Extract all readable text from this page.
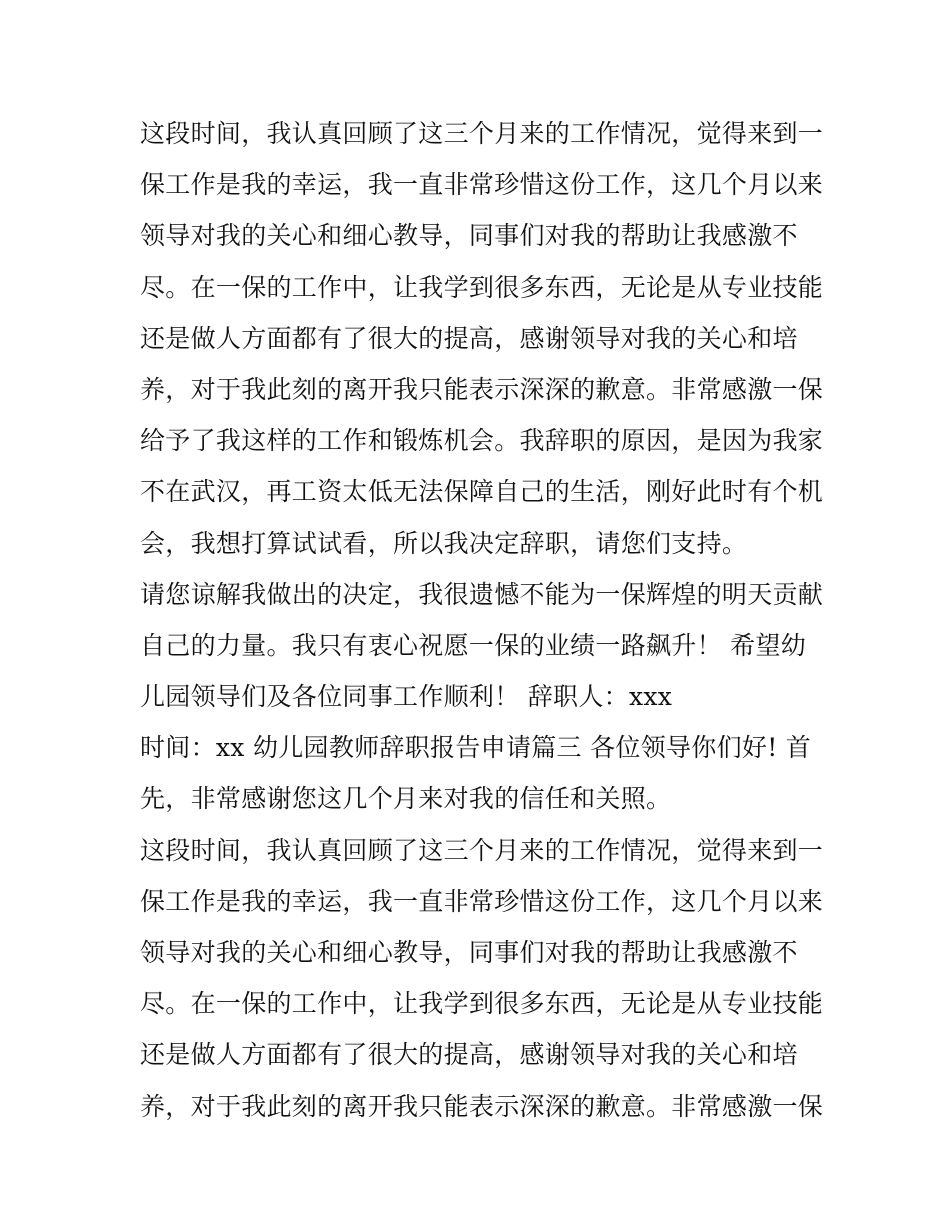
这段时间，我认真回顾了这三个月来的工作情况，觉得来到一
保工作是我的幸运，我一直非常珍惜这份工作，这几个月以来
领导对我的关心和细心教导，同事们对我的帮助让我感激不
尽。在一保的工作中，让我学到很多东西，无论是从专业技能
还是做人方面都有了很大的提高，感谢领导对我的关心和培
养，对于我此刻的离开我只能表示深深的歉意。非常感激一保
给予了我这样的工作和锻炼机会。我辞职的原因，是因为我家
不在武汉，再工资太低无法保障自己的生活，刚好此时有个机
会，我想打算试试看，所以我决定辞职，请您们支持。
请您谅解我做出的决定，我很遗憾不能为一保辉煌的明天贡献
自己的力量。我只有衷心祝愿一保的业绩一路飙升！ 希望幼
儿园领导们及各位同事工作顺利！ 辞职人：xxx
时间：xx 幼儿园教师辞职报告申请篇三 各位领导你们好! 首
先，非常感谢您这几个月来对我的信任和关照。
这段时间，我认真回顾了这三个月来的工作情况，觉得来到一
保工作是我的幸运，我一直非常珍惜这份工作，这几个月以来
领导对我的关心和细心教导，同事们对我的帮助让我感激不
尽。在一保的工作中，让我学到很多东西，无论是从专业技能
还是做人方面都有了很大的提高，感谢领导对我的关心和培
养，对于我此刻的离开我只能表示深深的歉意。非常感激一保
